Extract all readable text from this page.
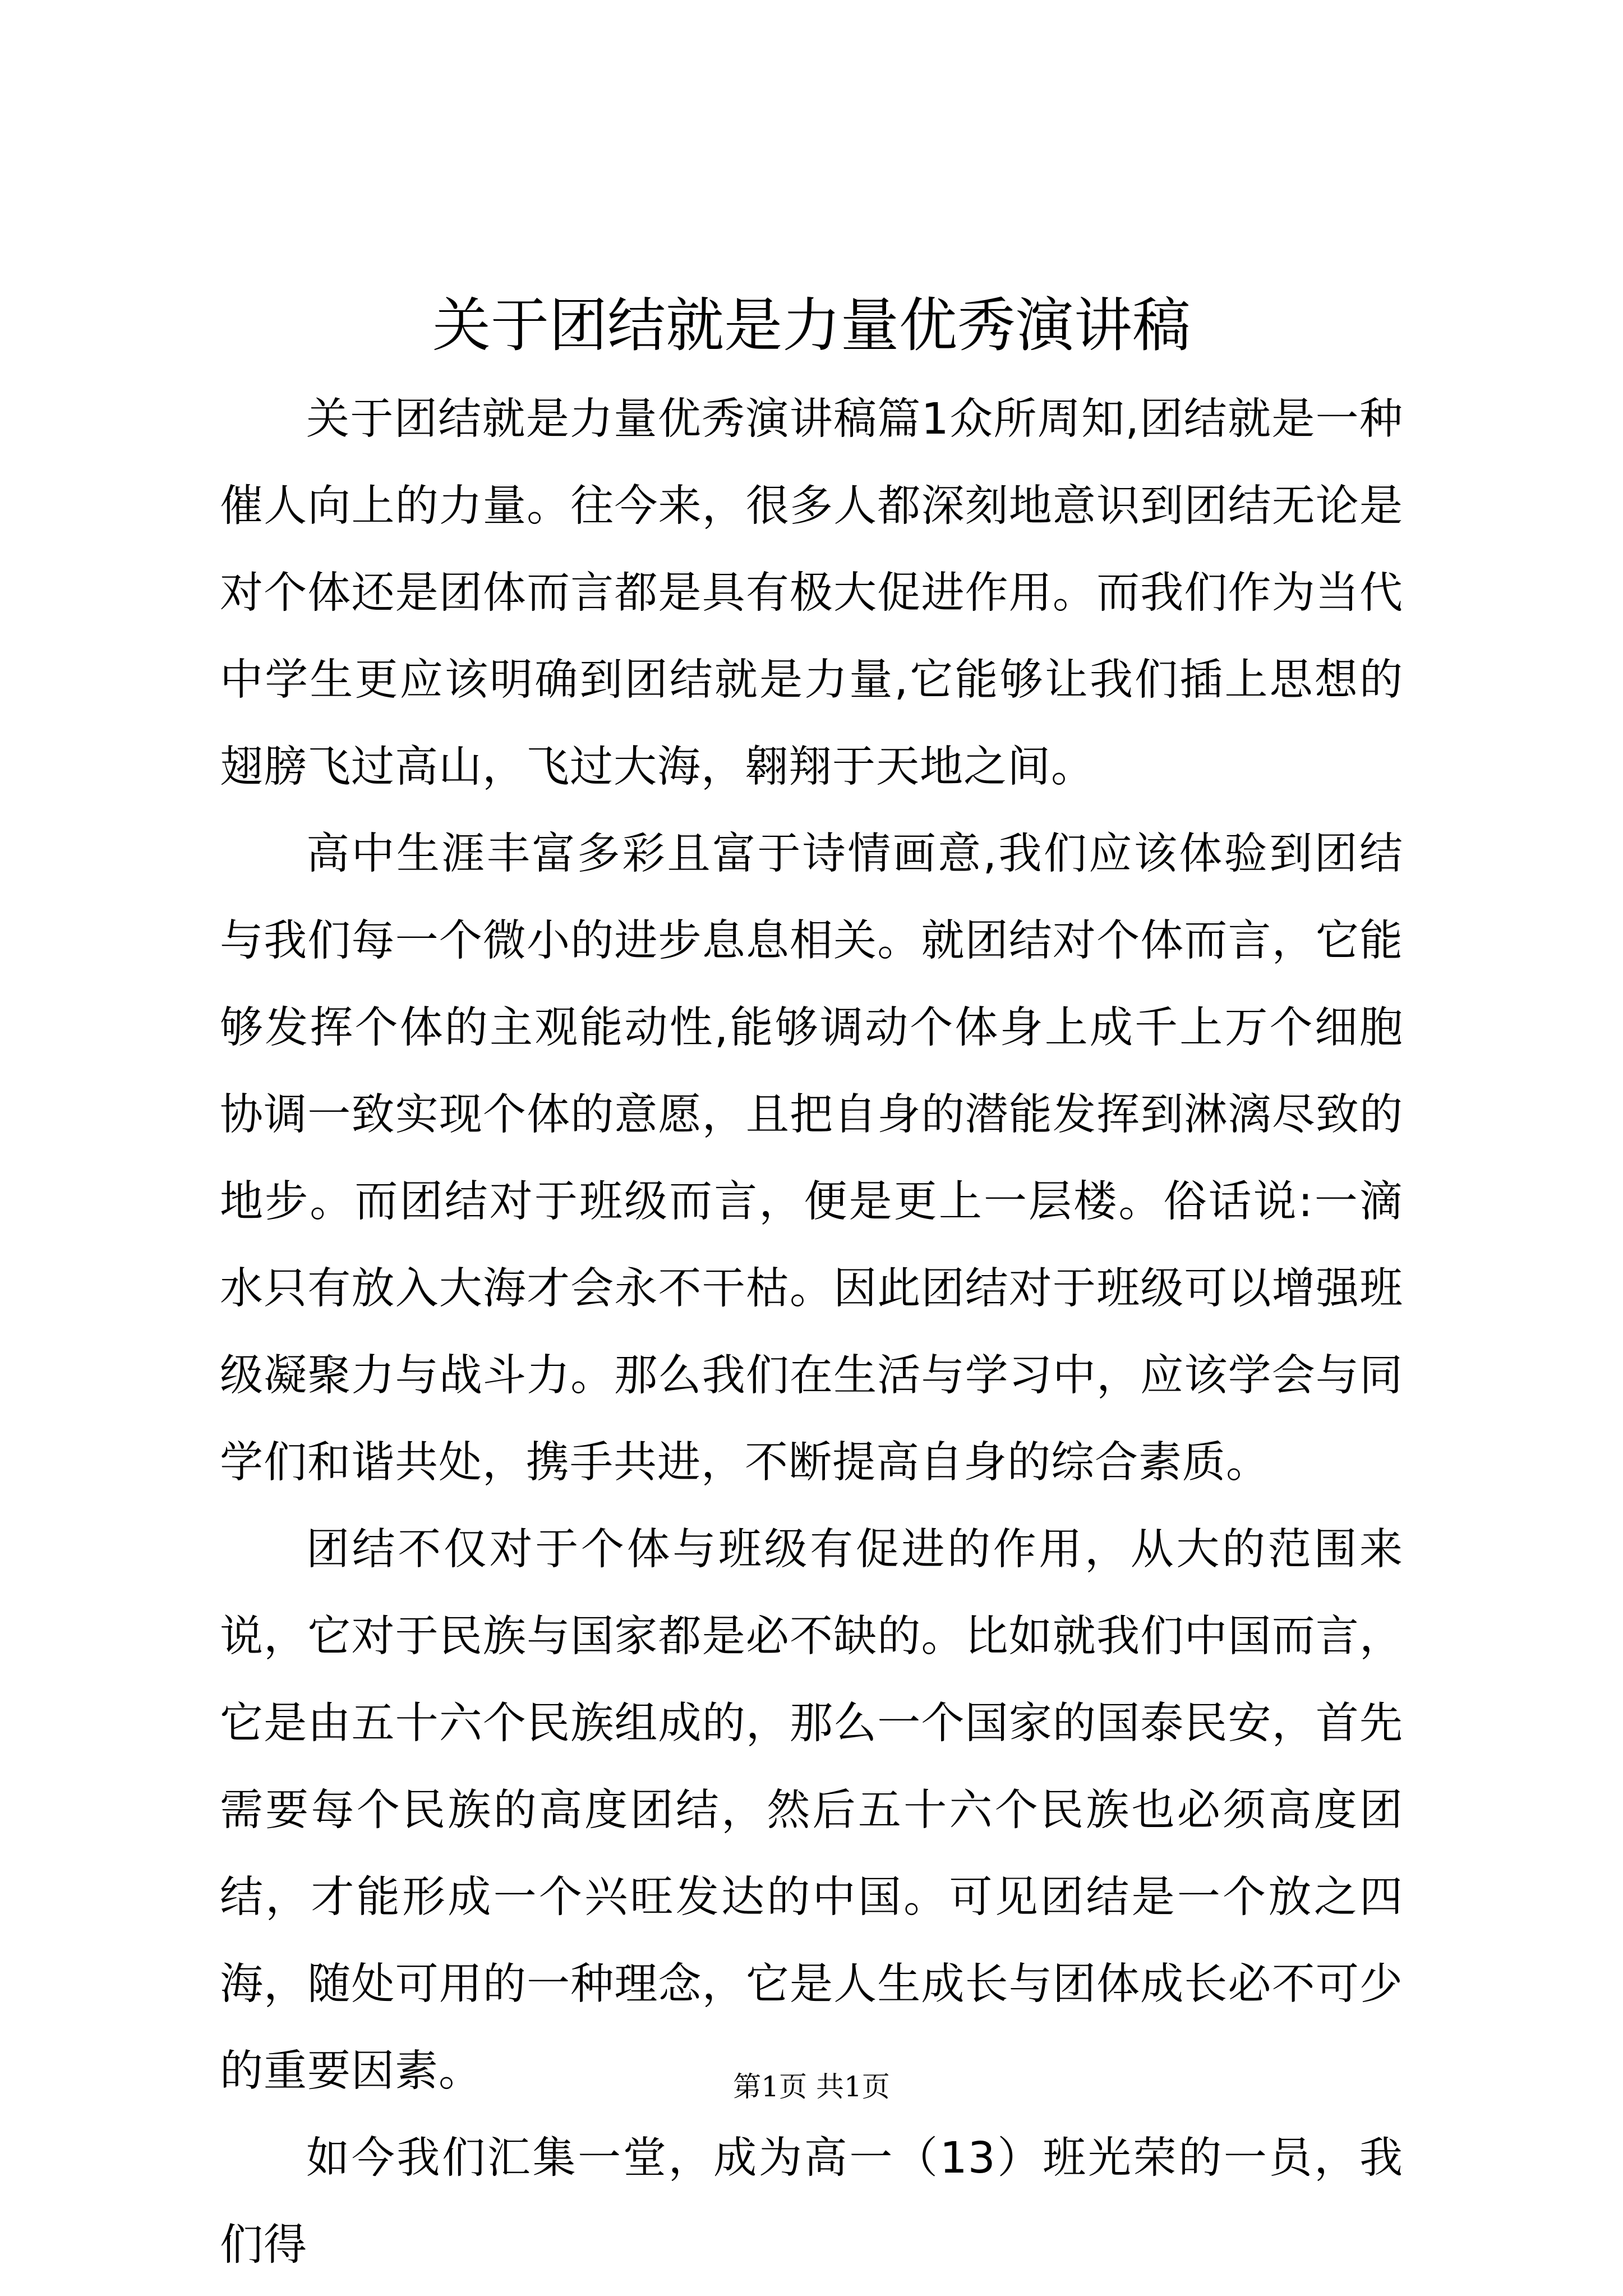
关于团结就是力量优秀演讲稿

关于团结就是力量优秀演讲稿篇1众所周知,团结就是一种催人向上的力量。往今来，很多人都深刻地意识到团结无论是对个体还是团体而言都是具有极大促进作用。而我们作为当代中学生更应该明确到团结就是力量,它能够让我们插上思想的翅膀飞过高山，飞过大海，翱翔于天地之间。

高中生涯丰富多彩且富于诗情画意,我们应该体验到团结与我们每一个微小的进步息息相关。就团结对个体而言，它能够发挥个体的主观能动性,能够调动个体身上成千上万个细胞协调一致实现个体的意愿，且把自身的潜能发挥到淋漓尽致的地步。而团结对于班级而言，便是更上一层楼。俗话说:一滴水只有放入大海才会永不干枯。因此团结对于班级可以增强班级凝聚力与战斗力。那么我们在生活与学习中，应该学会与同学们和谐共处，携手共进，不断提高自身的综合素质。

团结不仅对于个体与班级有促进的作用，从大的范围来说，它对于民族与国家都是必不缺的。比如就我们中国而言，它是由五十六个民族组成的，那么一个国家的国泰民安，首先需要每个民族的高度团结，然后五十六个民族也必须高度团结，才能形成一个兴旺发达的中国。可见团结是一个放之四海，随处可用的一种理念，它是人生成长与团体成长必不可少的重要因素。

如今我们汇集一堂，成为高一（13）班光荣的一员，我们得

第1页 共1页
